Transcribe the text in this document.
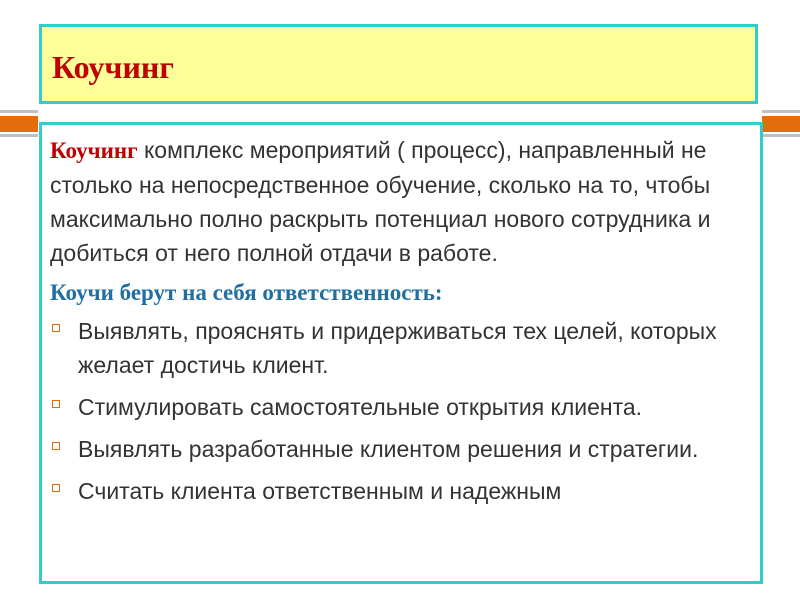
Коучинг

Коучинг комплекс мероприятий ( процесс), направленный не столько на непосредственное обучение, сколько на то, чтобы максимально полно раскрыть потенциал нового сотрудника и добиться от него полной отдачи в работе.

Коучи берут на себя ответственность:

Выявлять, прояснять и придерживаться тех целей, которых желает достичь клиент.
Стимулировать самостоятельные открытия клиента.
Выявлять разработанные клиентом решения и стратегии.
Считать клиента ответственным и надежным
